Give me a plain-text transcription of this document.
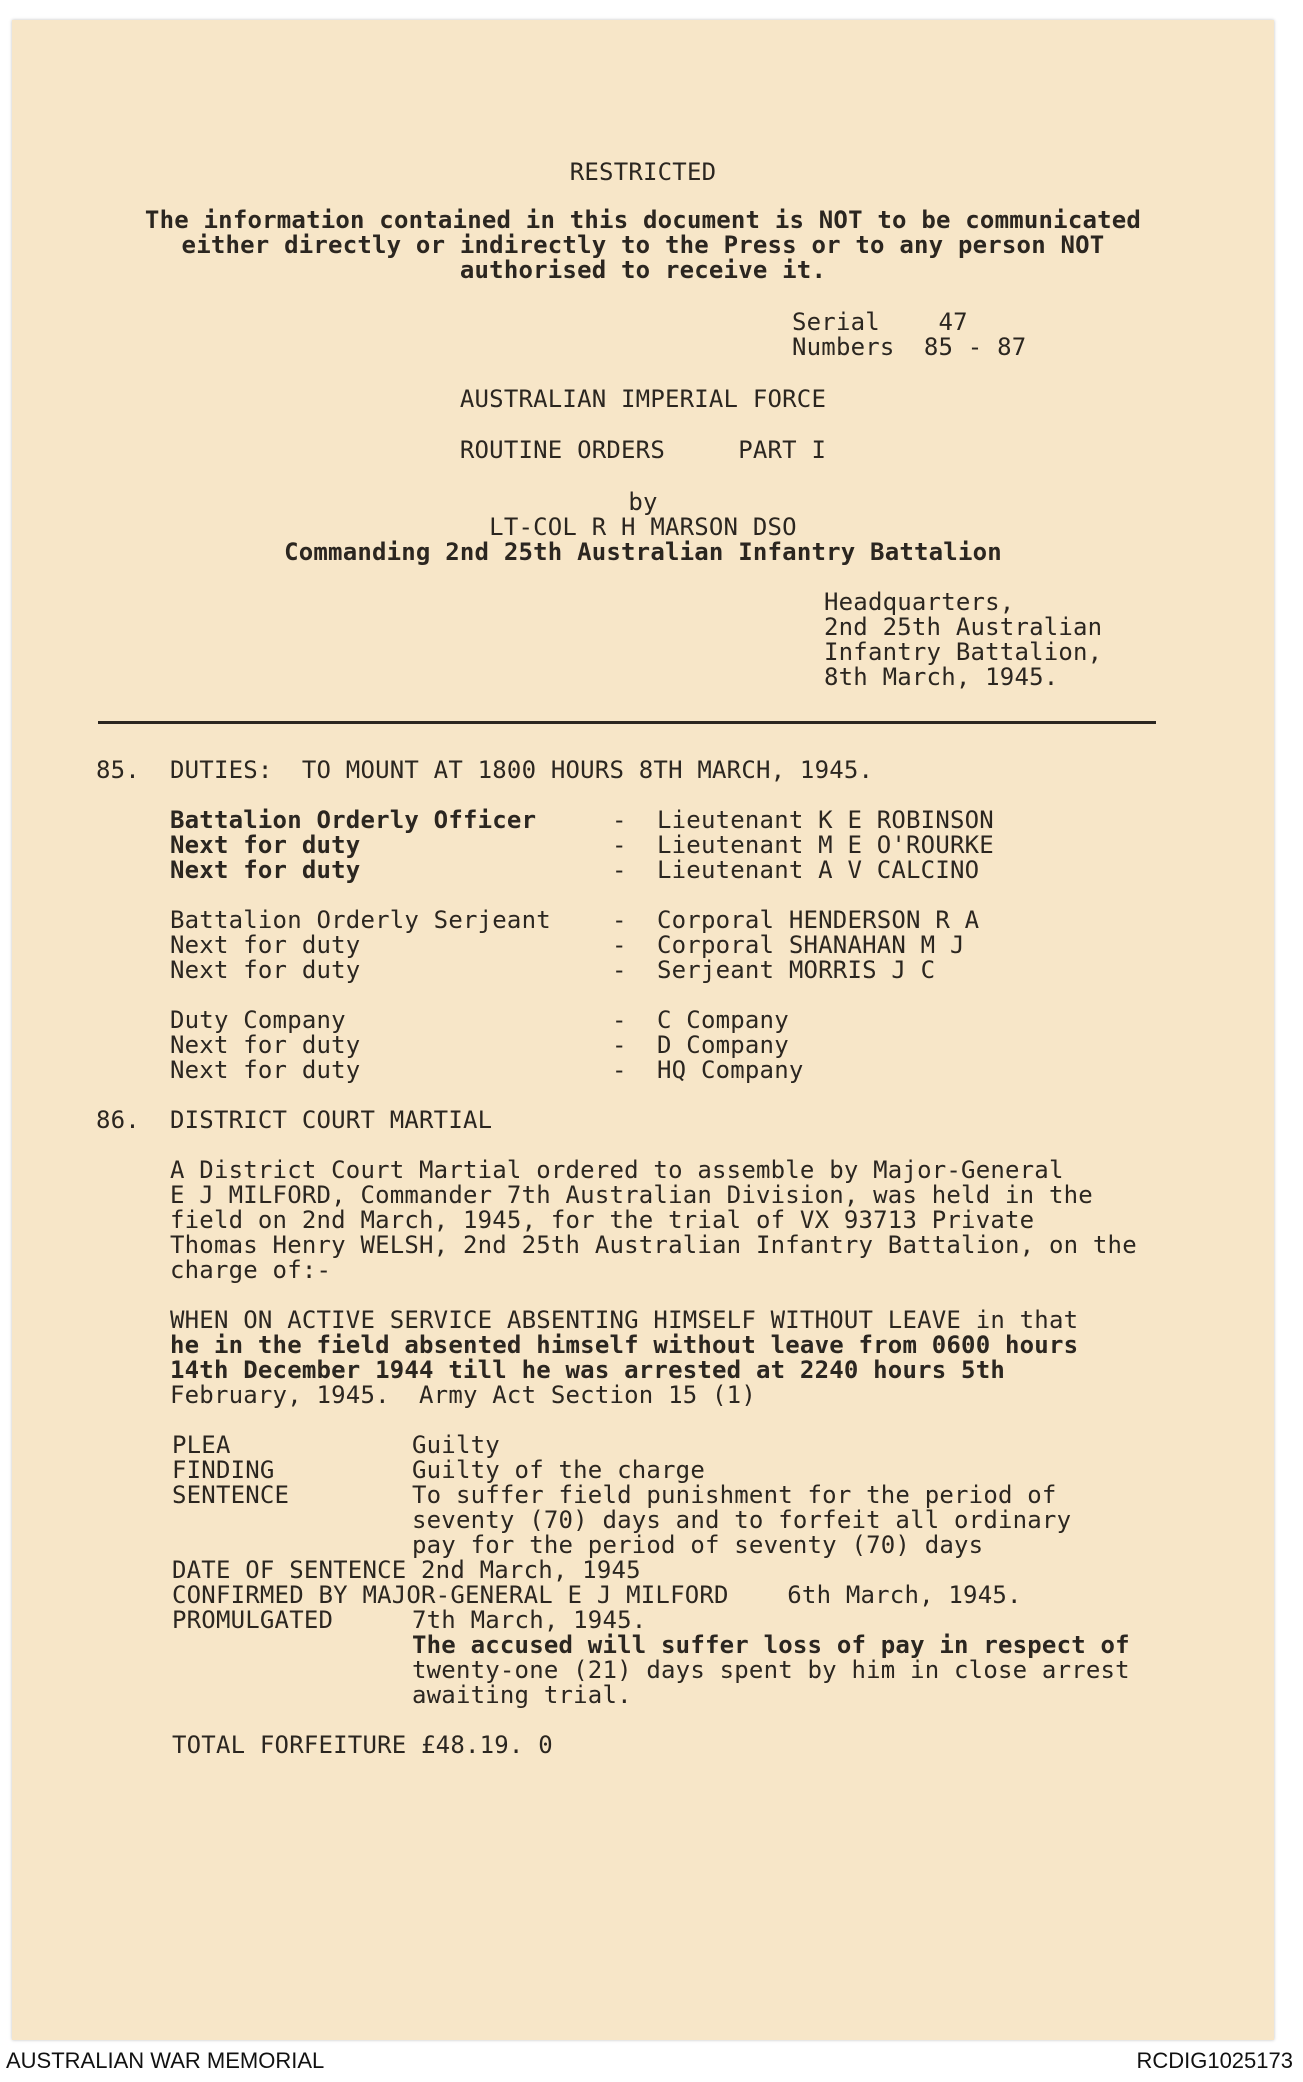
RESTRICTED
The information contained in this document is NOT to be communicated
either directly or indirectly to the Press or to any person NOT
authorised to receive it.
Serial    47
Numbers  85 - 87
AUSTRALIAN IMPERIAL FORCE
ROUTINE ORDERS     PART I
by
LT-COL R H MARSON DSO
Commanding 2nd 25th Australian Infantry Battalion
Headquarters,
2nd 25th Australian
Infantry Battalion,
8th March, 1945.
85. DUTIES:  TO MOUNT AT 1800 HOURS 8TH MARCH, 1945.
Battalion Orderly Officer	- Lieutenant K E ROBINSON
Next for duty	- Lieutenant M E O'ROURKE
Next for duty	- Lieutenant A V CALCINO
Battalion Orderly Serjeant	- Corporal HENDERSON R A
Next for duty	- Corporal SHANAHAN M J
Next for duty	- Serjeant MORRIS J C
Duty Company	- C Company
Next for duty	- D Company
Next for duty	- HQ Company
86. DISTRICT COURT MARTIAL
A District Court Martial ordered to assemble by Major-General
E J MILFORD, Commander 7th Australian Division, was held in the
field on 2nd March, 1945, for the trial of VX 93713 Private
Thomas Henry WELSH, 2nd 25th Australian Infantry Battalion, on the
charge of:-
WHEN ON ACTIVE SERVICE ABSENTING HIMSELF WITHOUT LEAVE in that
he in the field absented himself without leave from 0600 hours
14th December 1944 till he was arrested at 2240 hours 5th
February, 1945.  Army Act Section 15 (1)
PLEA	Guilty
FINDING	Guilty of the charge
SENTENCE	To suffer field punishment for the period of
seventy (70) days and to forfeit all ordinary
pay for the period of seventy (70) days
DATE OF SENTENCE 2nd March, 1945
CONFIRMED BY MAJOR-GENERAL E J MILFORD    6th March, 1945.
PROMULGATED	7th March, 1945.
The accused will suffer loss of pay in respect of
twenty-one (21) days spent by him in close arrest
awaiting trial.
TOTAL FORFEITURE £48.19. 0
AUSTRALIAN WAR MEMORIAL	RCDIG1025173
